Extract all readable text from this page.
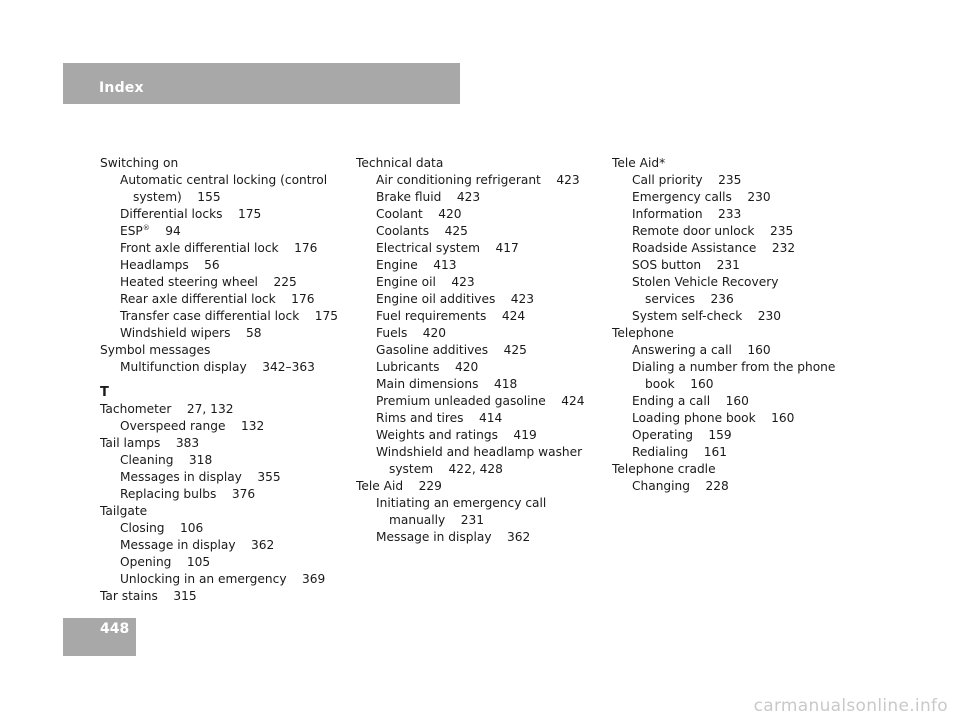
Index
Switching on
Automatic central locking (control
system)    155
Differential locks    175
ESP®    94
Front axle differential lock    176
Headlamps    56
Heated steering wheel    225
Rear axle differential lock    176
Transfer case differential lock    175
Windshield wipers    58
Symbol messages
Multifunction display    342–363
T
Tachometer    27, 132
Overspeed range    132
Tail lamps    383
Cleaning    318
Messages in display    355
Replacing bulbs    376
Tailgate
Closing    106
Message in display    362
Opening    105
Unlocking in an emergency    369
Tar stains    315
Technical data
Air conditioning refrigerant    423
Brake fluid    423
Coolant    420
Coolants    425
Electrical system    417
Engine    413
Engine oil    423
Engine oil additives    423
Fuel requirements    424
Fuels    420
Gasoline additives    425
Lubricants    420
Main dimensions    418
Premium unleaded gasoline    424
Rims and tires    414
Weights and ratings    419
Windshield and headlamp washer
system    422, 428
Tele Aid    229
Initiating an emergency call
manually    231
Message in display    362
Tele Aid*
Call priority    235
Emergency calls    230
Information    233
Remote door unlock    235
Roadside Assistance    232
SOS button    231
Stolen Vehicle Recovery
services    236
System self-check    230
Telephone
Answering a call    160
Dialing a number from the phone
book    160
Ending a call    160
Loading phone book    160
Operating    159
Redialing    161
Telephone cradle
Changing    228
448
carmanualsonline.info
